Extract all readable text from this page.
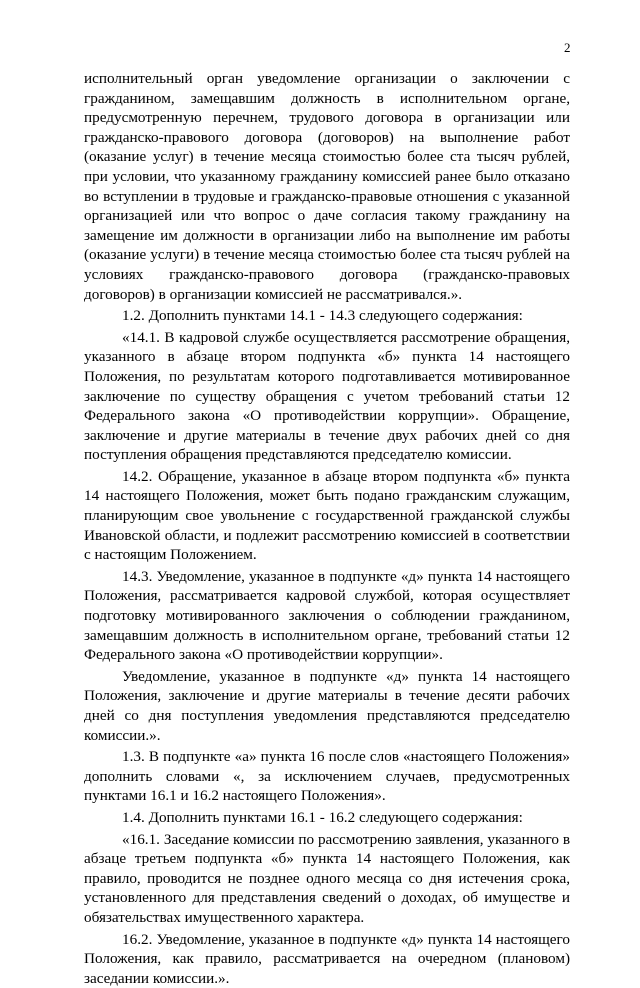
2

исполнительный орган уведомление организации о заключении с гражданином, замещавшим должность в исполнительном органе, предусмотренную перечнем, трудового договора в организации или гражданско-правового договора (договоров) на выполнение работ (оказание услуг) в течение месяца стоимостью более ста тысяч рублей, при условии, что указанному гражданину комиссией ранее было отказано во вступлении в трудовые и гражданско-правовые отношения с указанной организацией или что вопрос о даче согласия такому гражданину на замещение им должности в организации либо на выполнение им работы (оказание услуги) в течение месяца стоимостью более ста тысяч рублей на условиях гражданско-правового договора (гражданско-правовых договоров) в организации комиссией не рассматривался.».

1.2. Дополнить пунктами 14.1 - 14.3 следующего содержания:

«14.1. В кадровой службе осуществляется рассмотрение обращения, указанного в абзаце втором подпункта «б» пункта 14 настоящего Положения, по результатам которого подготавливается мотивированное заключение по существу обращения с учетом требований статьи 12 Федерального закона «О противодействии коррупции». Обращение, заключение и другие материалы в течение двух рабочих дней со дня поступления обращения представляются председателю комиссии.

14.2. Обращение, указанное в абзаце втором подпункта «б» пункта 14 настоящего Положения, может быть подано гражданским служащим, планирующим свое увольнение с государственной гражданской службы Ивановской области, и подлежит рассмотрению комиссией в соответствии с настоящим Положением.

14.3. Уведомление, указанное в подпункте «д» пункта 14 настоящего Положения, рассматривается кадровой службой, которая осуществляет подготовку мотивированного заключения о соблюдении гражданином, замещавшим должность в исполнительном органе, требований статьи 12 Федерального закона «О противодействии коррупции».

Уведомление, указанное в подпункте «д» пункта 14 настоящего Положения, заключение и другие материалы в течение десяти рабочих дней со дня поступления уведомления представляются председателю комиссии.».

1.3. В подпункте «а» пункта 16 после слов «настоящего Положения» дополнить словами «, за исключением случаев, предусмотренных пунктами 16.1 и 16.2 настоящего Положения».

1.4. Дополнить пунктами 16.1 - 16.2 следующего содержания:

«16.1. Заседание комиссии по рассмотрению заявления, указанного в абзаце третьем подпункта «б» пункта 14 настоящего Положения, как правило, проводится не позднее одного месяца со дня истечения срока, установленного для представления сведений о доходах, об имуществе и обязательствах имущественного характера.

16.2. Уведомление, указанное в подпункте «д» пункта 14 настоящего Положения, как правило, рассматривается на очередном (плановом) заседании комиссии.».
